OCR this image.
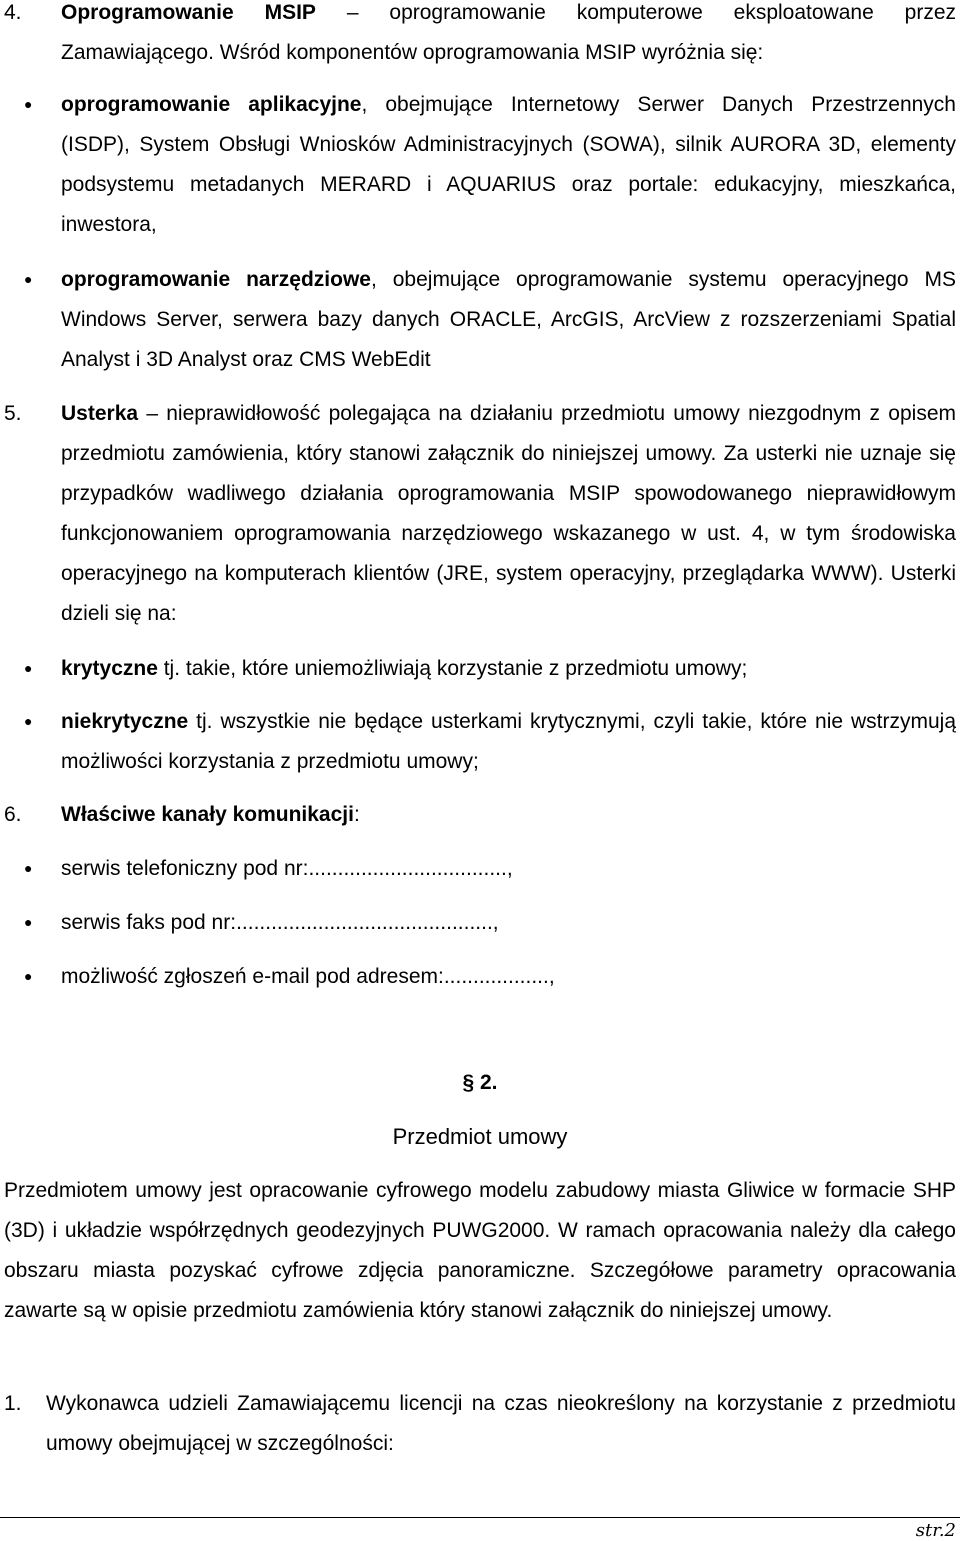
4. Oprogramowanie MSIP – oprogramowanie komputerowe eksploatowane przez Zamawiającego. Wśród komponentów oprogramowania MSIP wyróżnia się:
● oprogramowanie aplikacyjne, obejmujące Internetowy Serwer Danych Przestrzennych (ISDP), System Obsługi Wniosków Administracyjnych (SOWA), silnik AURORA 3D, elementy podsystemu metadanych MERARD i AQUARIUS oraz portale: edukacyjny, mieszkańca, inwestora,
● oprogramowanie narzędziowe, obejmujące oprogramowanie systemu operacyjnego MS Windows Server, serwera bazy danych ORACLE, ArcGIS, ArcView z rozszerzeniami Spatial Analyst i 3D Analyst oraz CMS WebEdit
5. Usterka – nieprawidłowość polegająca na działaniu przedmiotu umowy niezgodnym z opisem przedmiotu zamówienia, który stanowi załącznik do niniejszej umowy. Za usterki nie uznaje się przypadków wadliwego działania oprogramowania MSIP spowodowanego nieprawidłowym funkcjonowaniem oprogramowania narzędziowego wskazanego w ust. 4, w tym środowiska operacyjnego na komputerach klientów (JRE, system operacyjny, przeglądarka WWW). Usterki dzieli się na:
● krytyczne tj. takie, które uniemożliwiają korzystanie z przedmiotu umowy;
● niekrytyczne tj. wszystkie nie będące usterkami krytycznymi, czyli takie, które nie wstrzymują możliwości korzystania z przedmiotu umowy;
6. Właściwe kanały komunikacji:
● serwis telefoniczny pod nr:..................................,
● serwis faks pod nr:............................................,
● możliwość zgłoszeń e-mail pod adresem:..................,
§ 2.
Przedmiot umowy
Przedmiotem umowy jest opracowanie cyfrowego modelu zabudowy miasta Gliwice w formacie SHP (3D) i układzie współrzędnych geodezyjnych PUWG2000. W ramach opracowania należy dla całego obszaru miasta pozyskać cyfrowe zdjęcia panoramiczne. Szczegółowe parametry opracowania zawarte są w opisie przedmiotu zamówienia który stanowi załącznik do niniejszej umowy.
1. Wykonawca udzieli Zamawiającemu licencji na czas nieokreślony na korzystanie z przedmiotu umowy obejmującej w szczególności:
str.2
